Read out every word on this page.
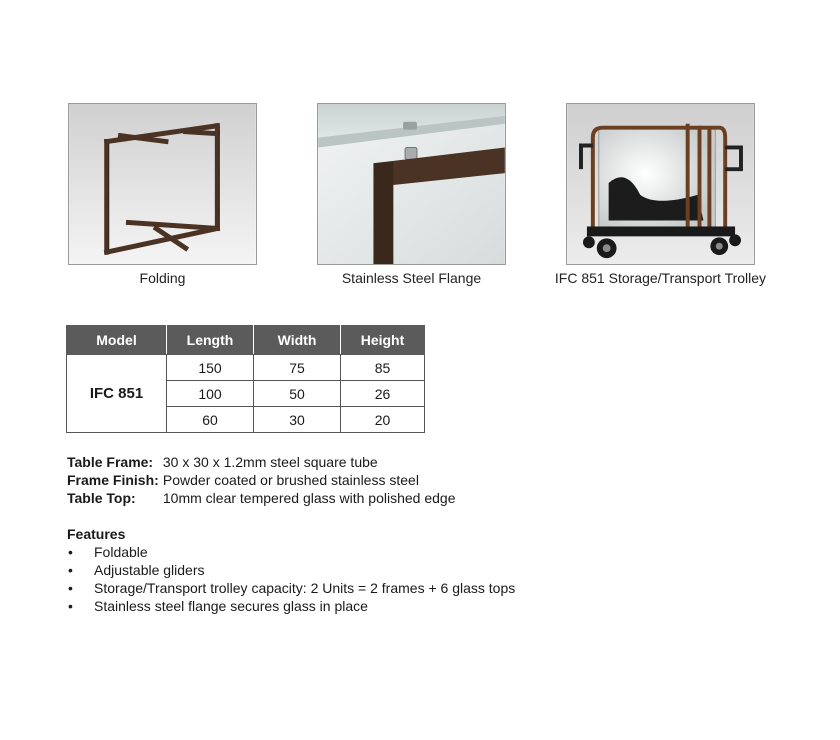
Folding	Stainless Steel Flange	IFC 851 Storage/Transport Trolley
Model	Length	Width	Height
IFC 851	150	75	85
	100	50	26
	60	30	20
Table Frame: 30 x 30 x 1.2mm steel square tube
Frame Finish: Powder coated or brushed stainless steel
Table Top: 10mm clear tempered glass with polished edge
Features
• Foldable
• Adjustable gliders
• Storage/Transport trolley capacity: 2 Units = 2 frames + 6 glass tops
• Stainless steel flange secures glass in place
